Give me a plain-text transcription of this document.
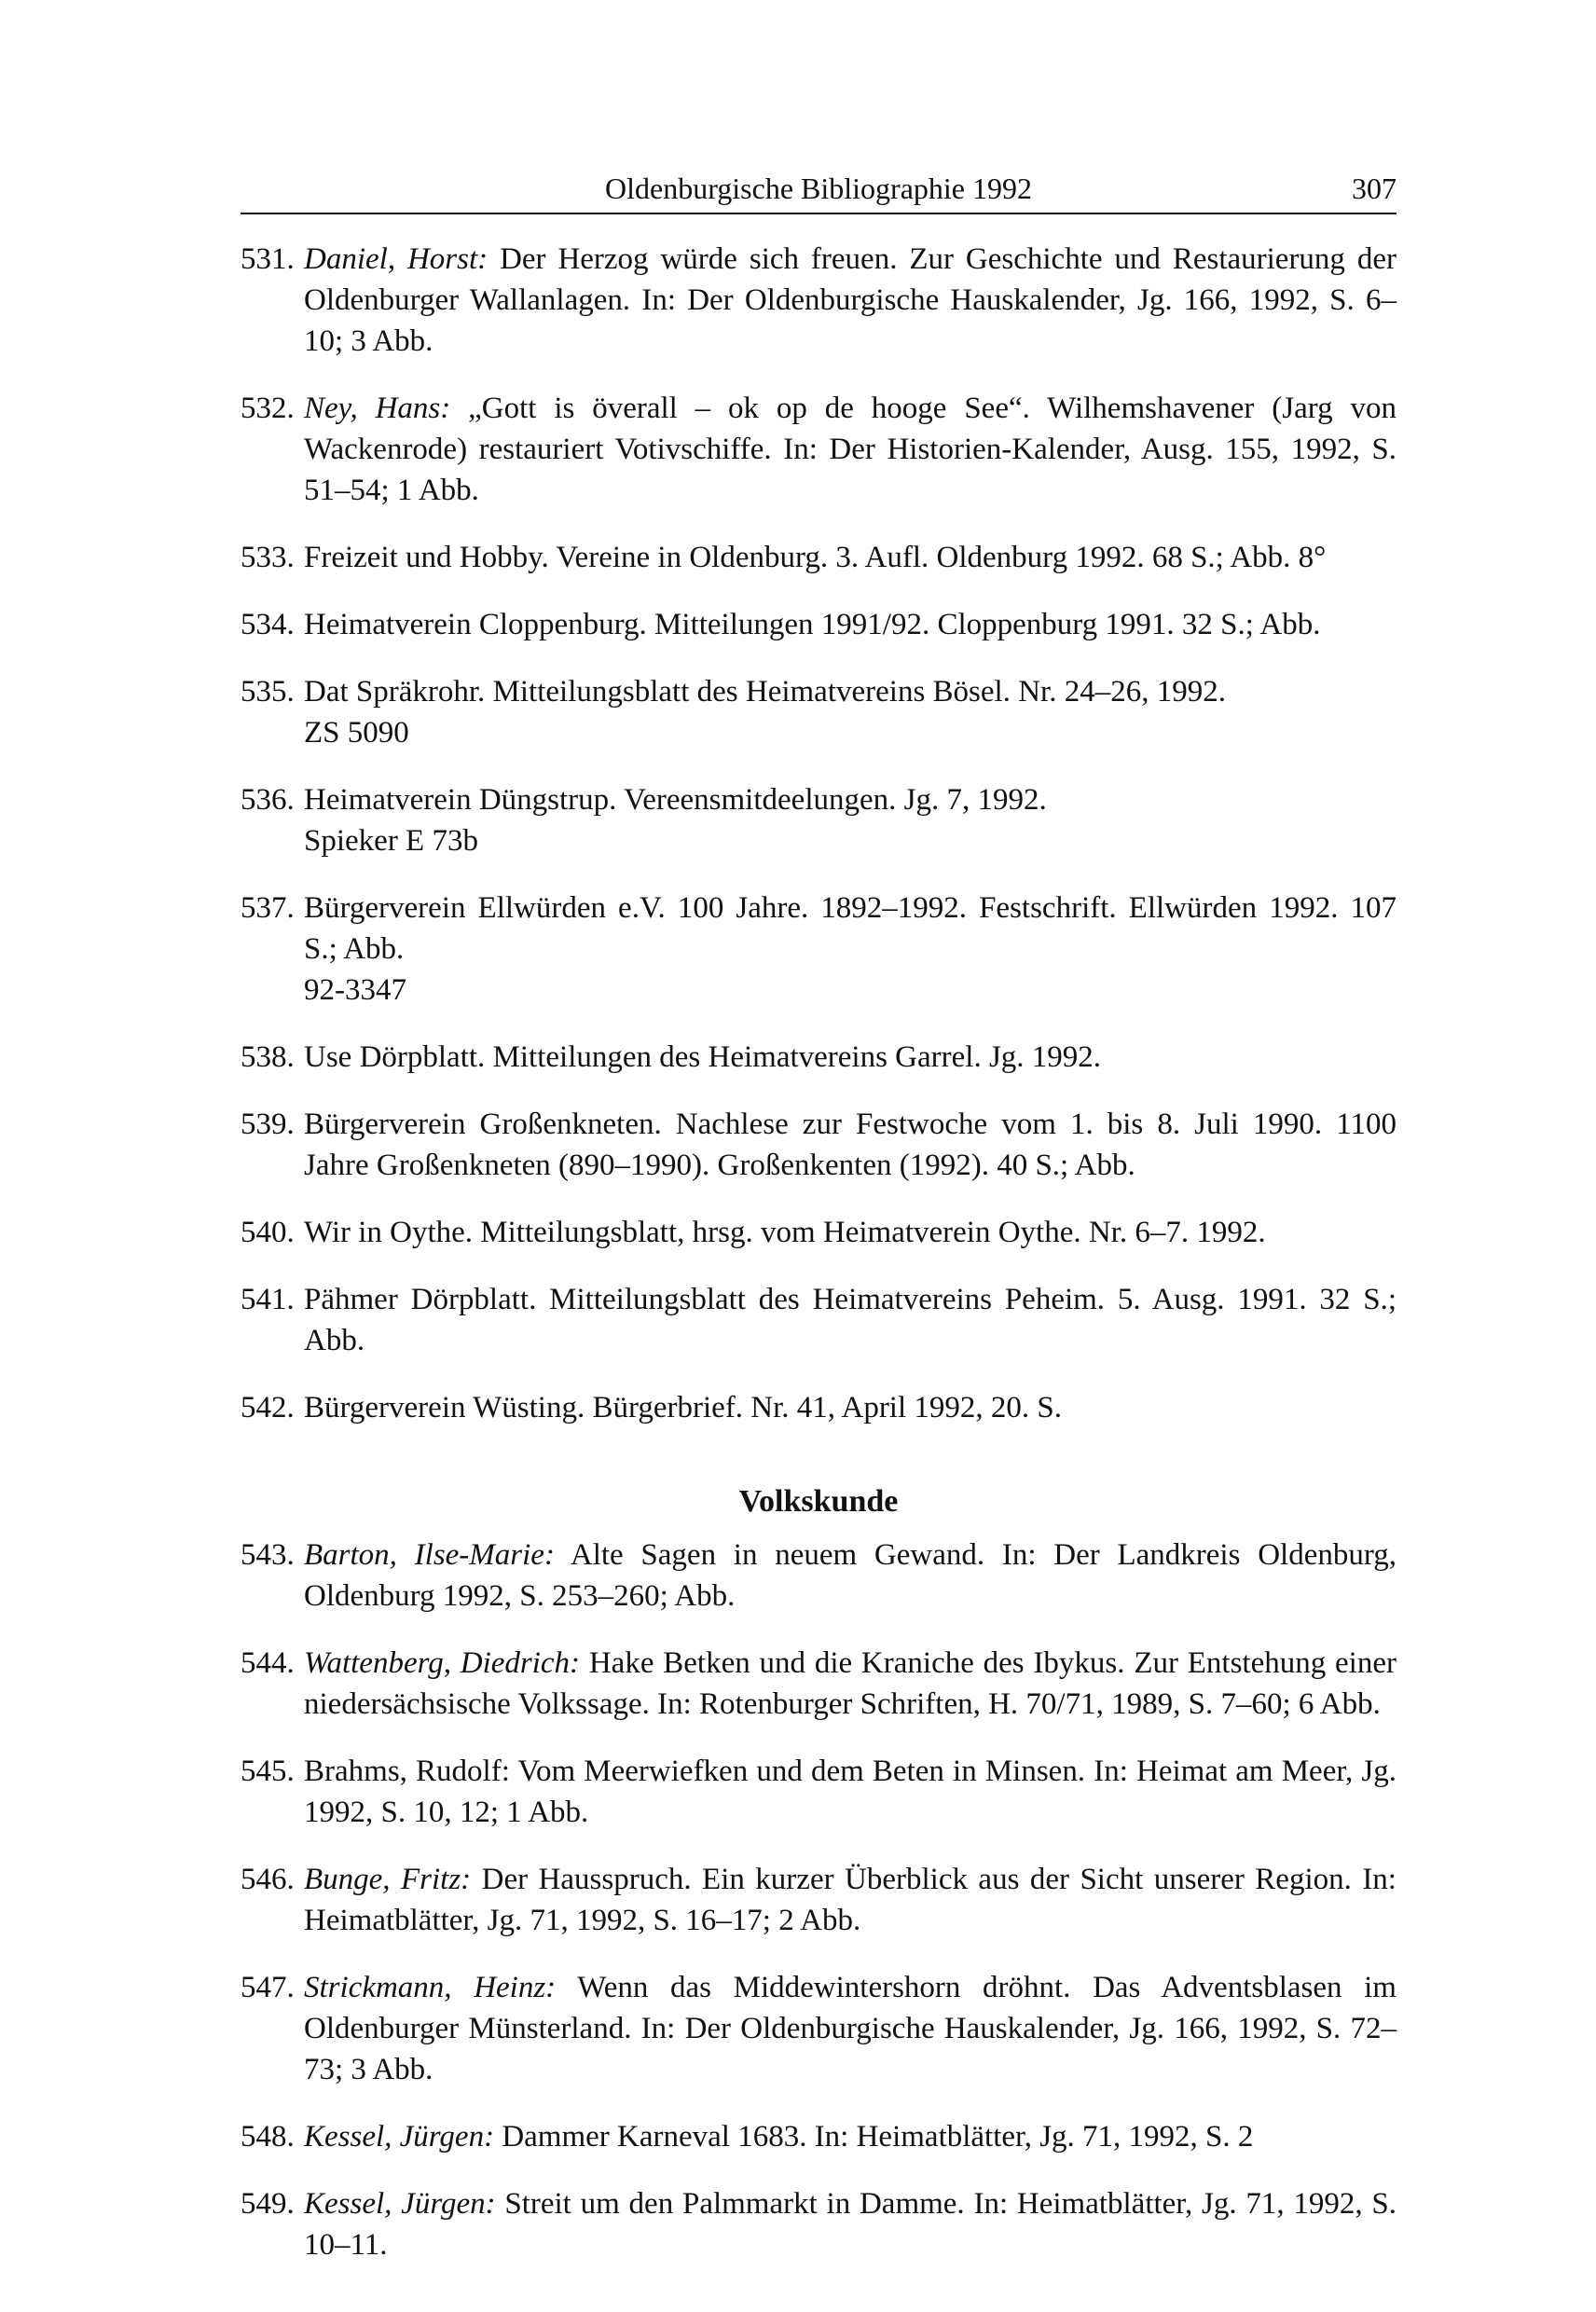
Oldenburgische Bibliographie 1992	307
531. Daniel, Horst: Der Herzog würde sich freuen. Zur Geschichte und Restaurierung der Oldenburger Wallanlagen. In: Der Oldenburgische Hauskalender, Jg. 166, 1992, S. 6–10; 3 Abb.
532. Ney, Hans: „Gott is överall – ok op de hooge See“. Wilhemshavener (Jarg von Wackenrode) restauriert Votivschiffe. In: Der Historien-Kalender, Ausg. 155, 1992, S. 51–54; 1 Abb.
533. Freizeit und Hobby. Vereine in Oldenburg. 3. Aufl. Oldenburg 1992. 68 S.; Abb. 8°
534. Heimatverein Cloppenburg. Mitteilungen 1991/92. Cloppenburg 1991. 32 S.; Abb.
535. Dat Spräkrohr. Mitteilungsblatt des Heimatvereins Bösel. Nr. 24–26, 1992.
ZS 5090
536. Heimatverein Düngstrup. Vereensmitdeelungen. Jg. 7, 1992.
Spieker E 73b
537. Bürgerverein Ellwürden e.V. 100 Jahre. 1892–1992. Festschrift. Ellwürden 1992. 107 S.; Abb.
92-3347
538. Use Dörpblatt. Mitteilungen des Heimatvereins Garrel. Jg. 1992.
539. Bürgerverein Großenkneten. Nachlese zur Festwoche vom 1. bis 8. Juli 1990. 1100 Jahre Großenkneten (890–1990). Großenkenten (1992). 40 S.; Abb.
540. Wir in Oythe. Mitteilungsblatt, hrsg. vom Heimatverein Oythe. Nr. 6–7. 1992.
541. Pähmer Dörpblatt. Mitteilungsblatt des Heimatvereins Peheim. 5. Ausg. 1991. 32 S.; Abb.
542. Bürgerverein Wüsting. Bürgerbrief. Nr. 41, April 1992, 20. S.
Volkskunde
543. Barton, Ilse-Marie: Alte Sagen in neuem Gewand. In: Der Landkreis Oldenburg, Oldenburg 1992, S. 253–260; Abb.
544. Wattenberg, Diedrich: Hake Betken und die Kraniche des Ibykus. Zur Entstehung einer niedersächsische Volkssage. In: Rotenburger Schriften, H. 70/71, 1989, S. 7–60; 6 Abb.
545. Brahms, Rudolf: Vom Meerwiefken und dem Beten in Minsen. In: Heimat am Meer, Jg. 1992, S. 10, 12; 1 Abb.
546. Bunge, Fritz: Der Hausspruch. Ein kurzer Überblick aus der Sicht unserer Region. In: Heimatblätter, Jg. 71, 1992, S. 16–17; 2 Abb.
547. Strickmann, Heinz: Wenn das Middewintershorn dröhnt. Das Adventsblasen im Oldenburger Münsterland. In: Der Oldenburgische Hauskalender, Jg. 166, 1992, S. 72–73; 3 Abb.
548. Kessel, Jürgen: Dammer Karneval 1683. In: Heimatblätter, Jg. 71, 1992, S. 2
549. Kessel, Jürgen: Streit um den Palmmarkt in Damme. In: Heimatblätter, Jg. 71, 1992, S. 10–11.
